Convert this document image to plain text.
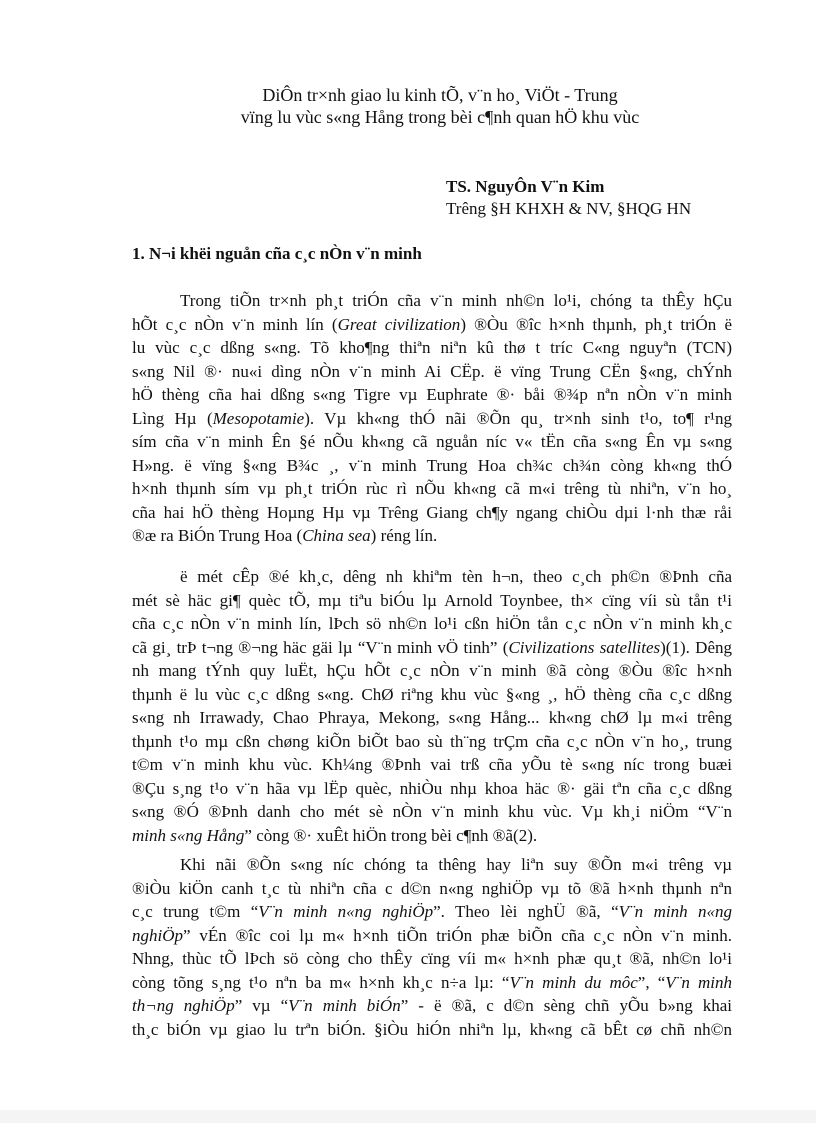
DiÔn tr×nh giao lu kinh tÕ, v¨n ho¸ ViÖt - Trung
vïng lu vùc s«ng Hång trong bèi c¶nh quan hÖ khu vùc
TS. NguyÔn V¨n Kim
Trêng §H KHXH & NV, §HQG HN
1. N¬i khëi nguån cña c¸c nÒn v¨n minh
Trong tiÕn tr×nh ph¸t triÓn cña v¨n minh nh©n lo¹i, chóng ta thÊy hÇu
hÕt c¸c nÒn v¨n minh lín (Great civilization) ®Òu ®îc h×nh thµnh, ph¸t triÓn ë
lu vùc c¸c dßng s«ng. Tõ kho¶ng thiªn niªn kû thø t tríc C«ng nguyªn (TCN)
s«ng Nil ®· nu«i dìng nÒn v¨n minh Ai CËp. ë vïng Trung CËn §«ng, chÝnh
hÖ thèng cña hai dßng s«ng Tigre vµ Euphrate ®· båi ®¾p nªn nÒn v¨n minh
Lìng Hµ (Mesopotamie). Vµ kh«ng thÓ nãi ®Õn qu¸ tr×nh sinh t¹o, to¶ r¹ng
sím cña v¨n minh Ên §é nÕu kh«ng cã nguån níc v« tËn cña s«ng Ên vµ s«ng
H»ng. ë vïng §«ng B¾c ¸, v¨n minh Trung Hoa ch¾c ch¾n còng kh«ng thÓ
h×nh thµnh sím vµ ph¸t triÓn rùc rì nÕu kh«ng cã m«i trêng tù nhiªn, v¨n ho¸
cña hai hÖ thèng Hoµng Hµ vµ Trêng Giang ch¶y ngang chiÒu dµi l·nh thæ råi
®æ ra BiÓn Trung Hoa (China sea) réng lín.
ë mét cÊp ®é kh¸c, dêng nh khiªm tèn h¬n, theo c¸ch ph©n ®Þnh cña
mét sè häc gi¶ quèc tÕ, mµ tiªu biÓu lµ Arnold Toynbee, th× cïng víi sù tån t¹i
cña c¸c nÒn v¨n minh lín, lÞch sö nh©n lo¹i cßn hiÖn tån c¸c nÒn v¨n minh kh¸c
cã gi¸ trÞ t¬ng ®¬ng häc gäi lµ “V¨n minh vÖ tinh” (Civilizations satellites)(1). Dêng
nh mang tÝnh quy luËt, hÇu hÕt c¸c nÒn v¨n minh ®ã còng ®Òu ®îc h×nh
thµnh ë lu vùc c¸c dßng s«ng. ChØ riªng khu vùc §«ng ¸, hÖ thèng cña c¸c dßng
s«ng nh Irrawady, Chao Phraya, Mekong, s«ng Hång... kh«ng chØ lµ m«i trêng
thµnh t¹o mµ cßn chøng kiÕn biÕt bao sù th¨ng trÇm cña c¸c nÒn v¨n ho¸, trung
t©m v¨n minh khu vùc. Kh¼ng ®Þnh vai trß cña yÕu tè s«ng níc trong buæi
®Çu s¸ng t¹o v¨n hãa vµ lËp quèc, nhiÒu nhµ khoa häc ®· gäi tªn cña c¸c dßng
s«ng ®Ó ®Þnh danh cho mét sè nÒn v¨n minh khu vùc. Vµ kh¸i niÖm “V¨n
minh s«ng Hång” còng ®· xuÊt hiÖn trong bèi c¶nh ®ã(2).
Khi nãi ®Õn s«ng níc chóng ta thêng hay liªn suy ®Õn m«i trêng vµ
®iÒu kiÖn canh t¸c tù nhiªn cña c d©n n«ng nghiÖp vµ tõ ®ã h×nh thµnh nªn
c¸c trung t©m “V¨n minh n«ng nghiÖp”. Theo lèi nghÜ ®ã, “V¨n minh n«ng
nghiÖp” vÉn ®îc coi lµ m« h×nh tiÕn triÓn phæ biÕn cña c¸c nÒn v¨n minh.
Nhng, thùc tÕ lÞch sö còng cho thÊy cïng víi m« h×nh phæ qu¸t ®ã, nh©n lo¹i
còng tõng s¸ng t¹o nªn ba m« h×nh kh¸c n÷a lµ: “V¨n minh du môc”, “V¨n minh
th¬ng nghiÖp” vµ “V¨n minh biÓn” - ë ®ã, c d©n sèng chñ yÕu b»ng khai
th¸c biÓn vµ giao lu trªn biÓn. §iÒu hiÓn nhiªn lµ, kh«ng cã bÊt cø chñ nh©n
